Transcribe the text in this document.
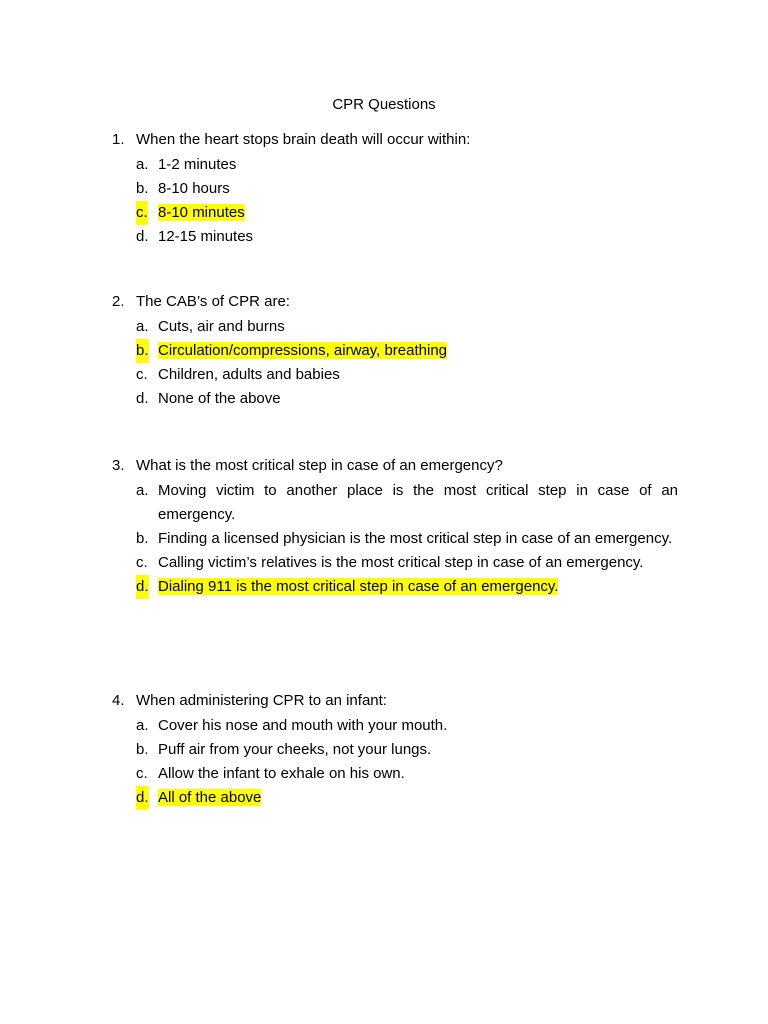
CPR Questions
1. When the heart stops brain death will occur within:
a. 1-2 minutes
b. 8-10 hours
c. 8-10 minutes
d. 12-15 minutes
2. The CAB’s of CPR are:
a. Cuts, air and burns
b. Circulation/compressions, airway, breathing
c. Children, adults and babies
d. None of the above
3. What is the most critical step in case of an emergency?
a. Moving victim to another place is the most critical step in case of an emergency.
b. Finding a licensed physician is the most critical step in case of an emergency.
c. Calling victim’s relatives is the most critical step in case of an emergency.
d. Dialing 911 is the most critical step in case of an emergency.
4. When administering CPR to an infant:
a. Cover his nose and mouth with your mouth.
b. Puff air from your cheeks, not your lungs.
c. Allow the infant to exhale on his own.
d. All of the above
